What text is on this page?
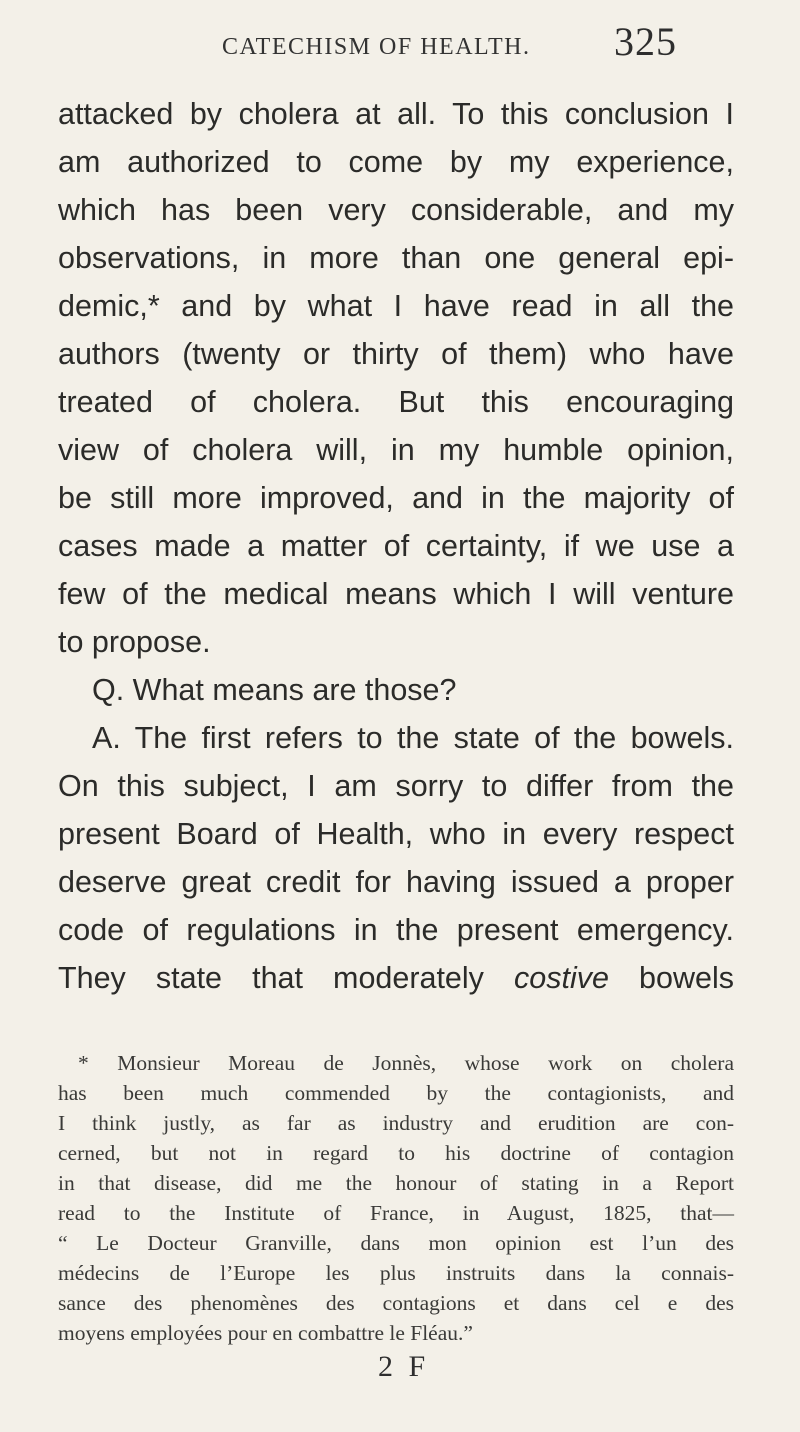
CATECHISM OF HEALTH. 325
attacked by cholera at all. To this conclusion I
am authorized to come by my experience,
which has been very considerable, and my
observations, in more than one general epi-
demic,* and by what I have read in all the
authors (twenty or thirty of them) who have
treated of cholera. But this encouraging
view of cholera will, in my humble opinion,
be still more improved, and in the majority of
cases made a matter of certainty, if we use a
few of the medical means which I will venture
to propose.
Q. What means are those?
A. The first refers to the state of the bowels.
On this subject, I am sorry to differ from the
present Board of Health, who in every respect
deserve great credit for having issued a proper
code of regulations in the present emergency.
They state that moderately costive bowels
* Monsieur Moreau de Jonnès, whose work on cholera
has been much commended by the contagionists, and
I think justly, as far as industry and erudition are con-
cerned, but not in regard to his doctrine of contagion
in that disease, did me the honour of stating in a Report
read to the Institute of France, in August, 1825, that—
“ Le Docteur Granville, dans mon opinion est l’un des
médecins de l’Europe les plus instruits dans la connais-
sance des phenomènes des contagions et dans cel e des
moyens employées pour en combattre le Fléau.”
2 F
